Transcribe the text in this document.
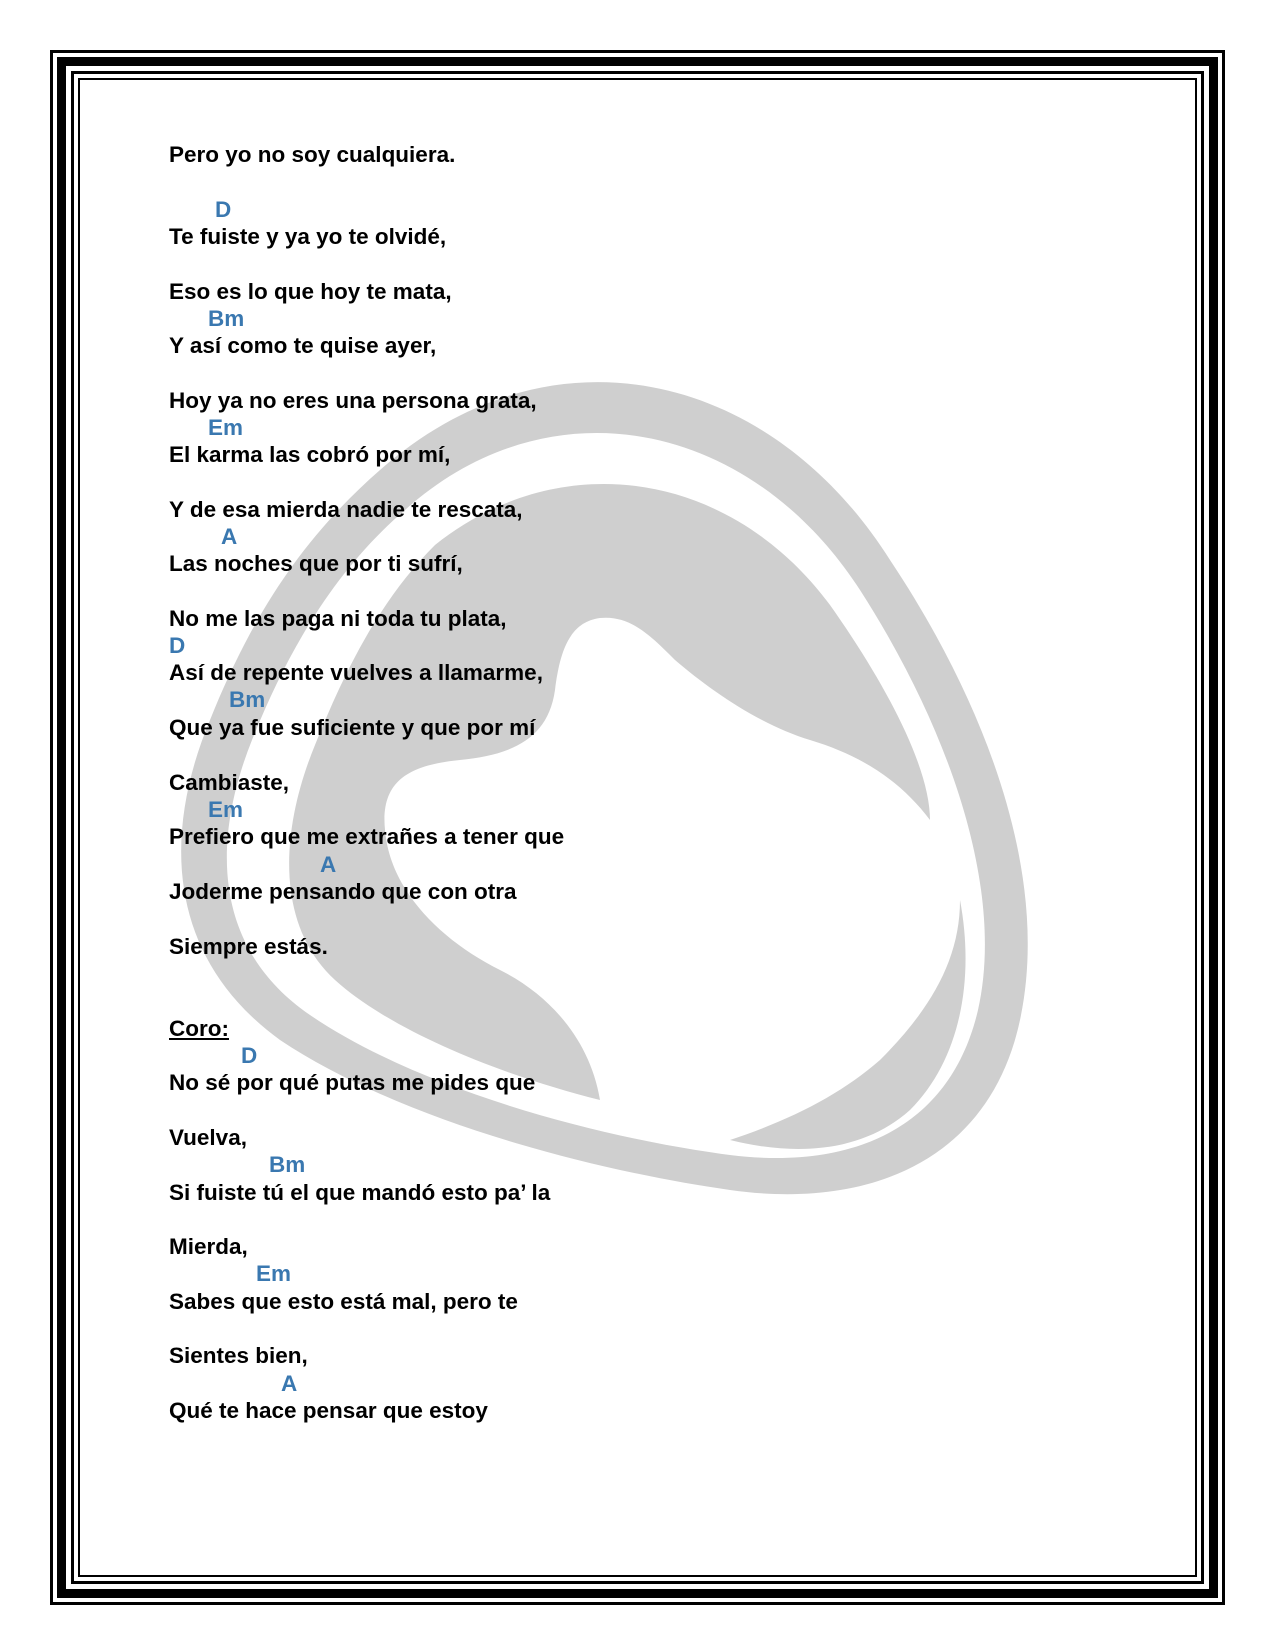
Pero yo no soy cualquiera.
D
Te fuiste y ya yo te olvidé,
Eso es lo que hoy te mata,
Bm
Y así como te quise ayer,
Hoy ya no eres una persona grata,
Em
El karma las cobró por mí,
Y de esa mierda nadie te rescata,
A
Las noches que por ti sufrí,
No me las paga ni toda tu plata,
D
Así de repente vuelves a llamarme,
Bm
Que ya fue suficiente y que por mí
Cambiaste,
Em
Prefiero que me extrañes a tener que
A
Joderme pensando que con otra
Siempre estás.
Coro:
D
No sé por qué putas me pides que
Vuelva,
Bm
Si fuiste tú el que mandó esto pa’ la
Mierda,
Em
Sabes que esto está mal, pero te
Sientes bien,
A
Qué te hace pensar que estoy
